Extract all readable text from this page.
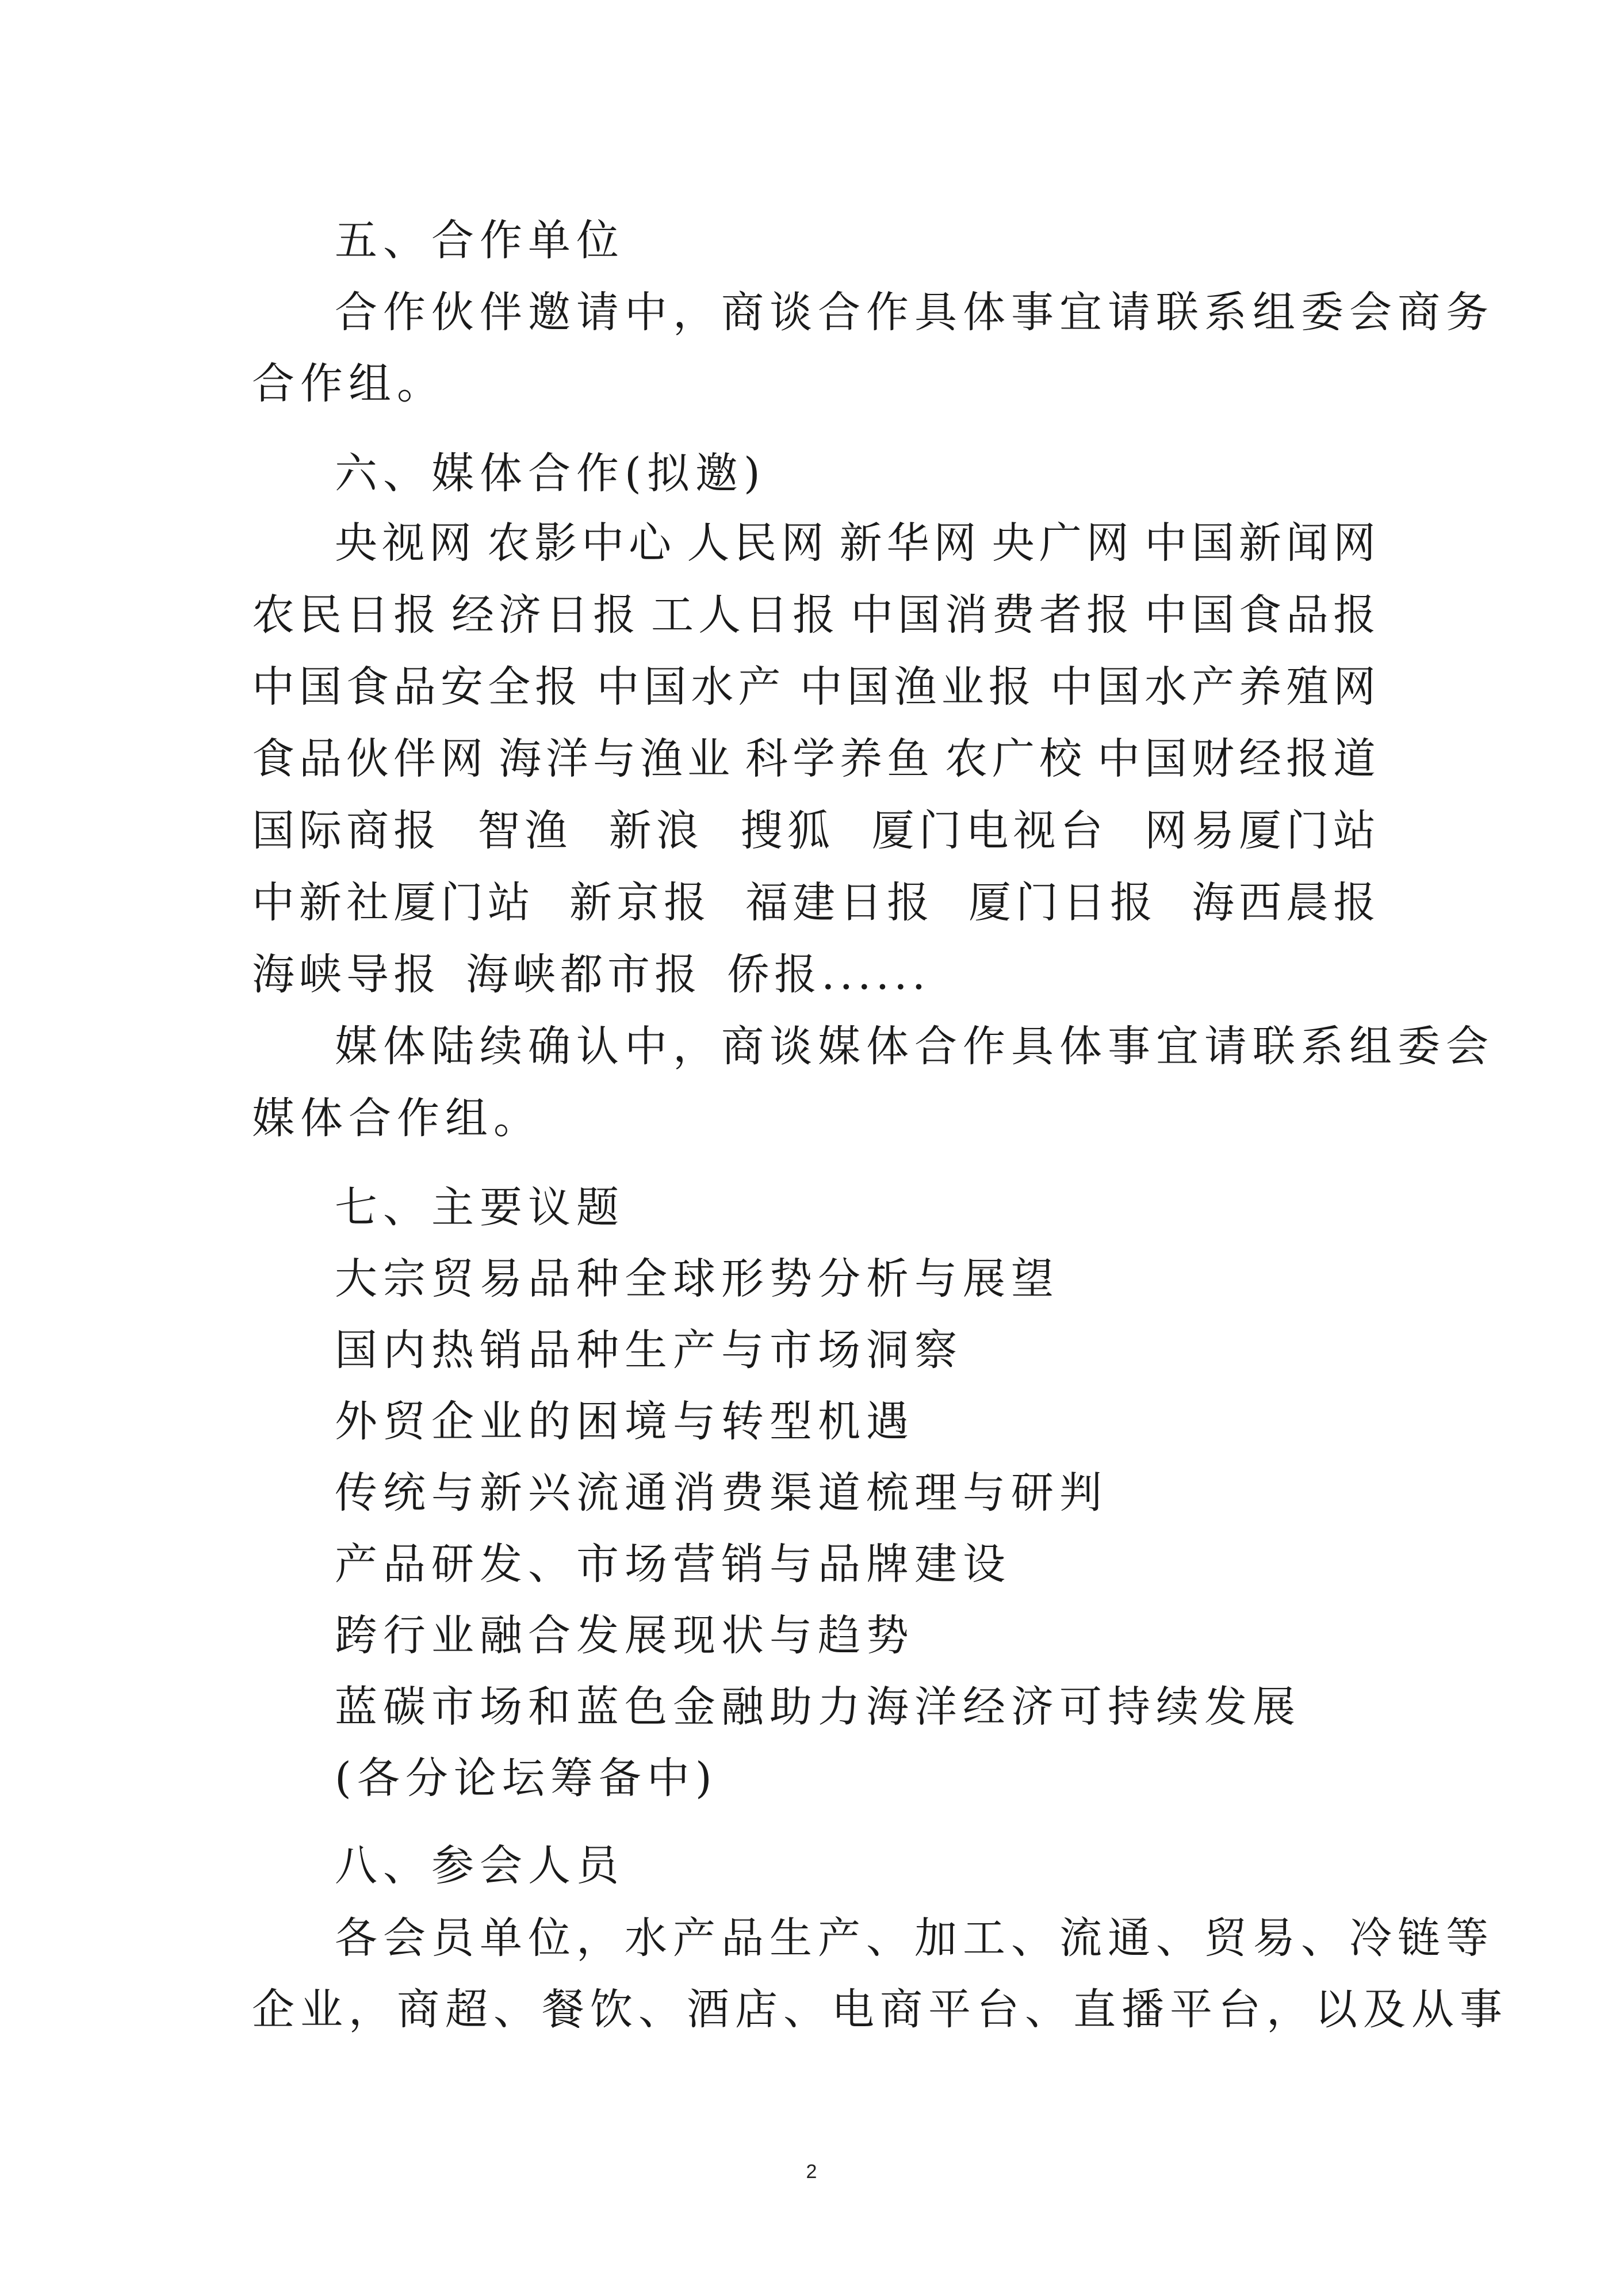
五、合作单位
合作伙伴邀请中，商谈合作具体事宜请联系组委会商务
合作组。
六、媒体合作(拟邀)
央视网 农影中心 人民网 新华网 央广网 中国新闻网
农民日报 经济日报 工人日报 中国消费者报 中国食品报
中国食品安全报 中国水产 中国渔业报 中国水产养殖网
食品伙伴网 海洋与渔业 科学养鱼 农广校 中国财经报道
国际商报 智渔 新浪 搜狐 厦门电视台 网易厦门站
中新社厦门站 新京报 福建日报 厦门日报 海西晨报
海峡导报 海峡都市报 侨报......
媒体陆续确认中，商谈媒体合作具体事宜请联系组委会
媒体合作组。
七、主要议题
大宗贸易品种全球形势分析与展望
国内热销品种生产与市场洞察
外贸企业的困境与转型机遇
传统与新兴流通消费渠道梳理与研判
产品研发、市场营销与品牌建设
跨行业融合发展现状与趋势
蓝碳市场和蓝色金融助力海洋经济可持续发展
(各分论坛筹备中)
八、参会人员
各会员单位，水产品生产、加工、流通、贸易、冷链等
企业，商超、餐饮、酒店、电商平台、直播平台，以及从事
2
